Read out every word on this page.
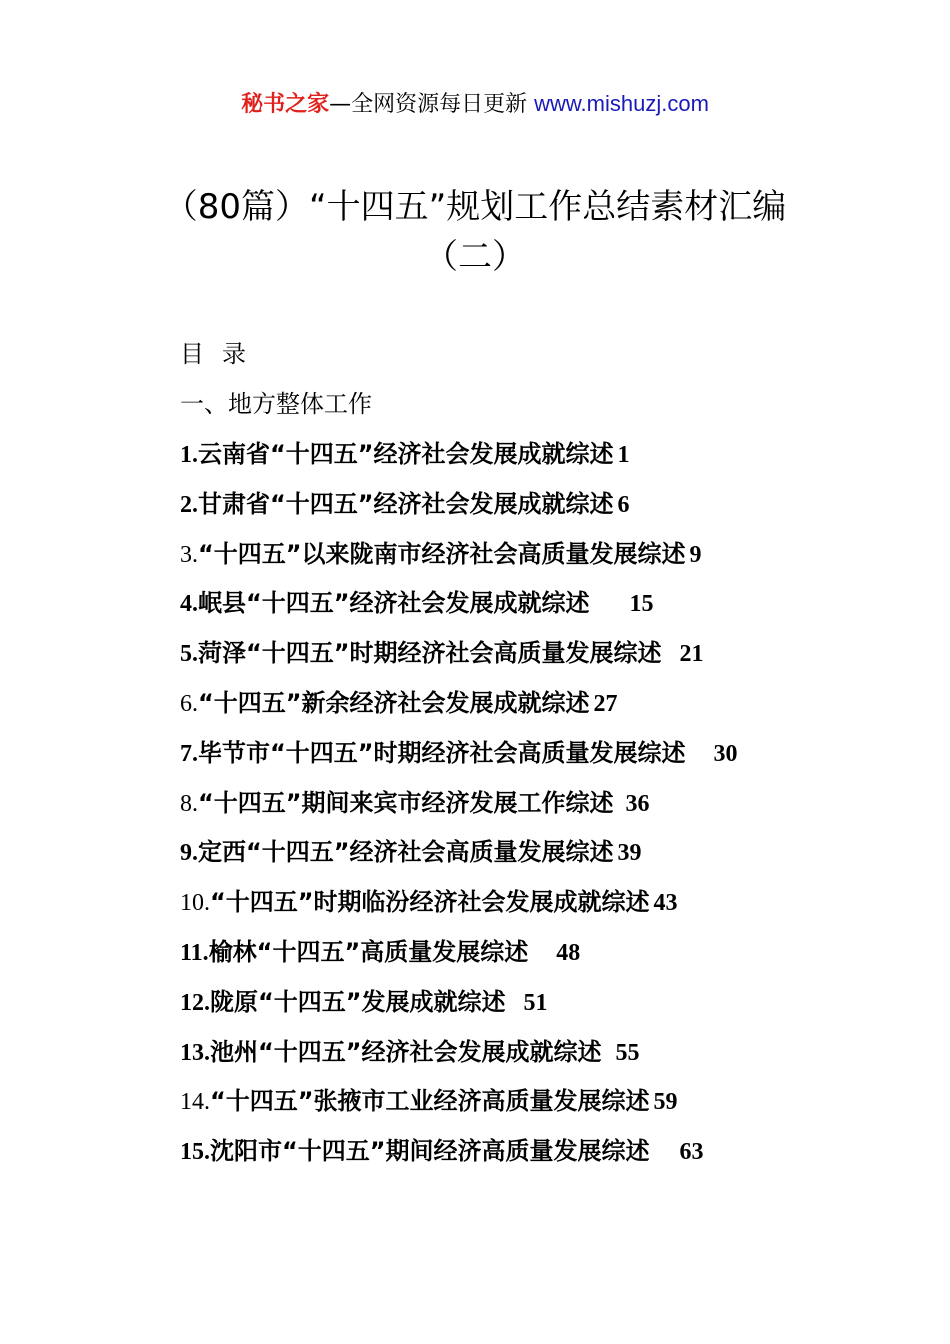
秘书之家—全网资源每日更新 www.mishuzj.com
（80篇）“十四五”规划工作总结素材汇编
（二）
目录
一、地方整体工作
1.云南省“十四五”经济社会发展成就综述 1
2.甘肃省“十四五”经济社会发展成就综述 6
3.“十四五”以来陇南市经济社会高质量发展综述 9
4.岷县“十四五”经济社会发展成就综述 15
5.菏泽“十四五”时期经济社会高质量发展综述 21
6.“十四五”新余经济社会发展成就综述 27
7.毕节市“十四五”时期经济社会高质量发展综述 30
8.“十四五”期间来宾市经济发展工作综述 36
9.定西“十四五”经济社会高质量发展综述 39
10.“十四五”时期临汾经济社会发展成就综述 43
11.榆林“十四五”高质量发展综述 48
12.陇原“十四五”发展成就综述 51
13.池州“十四五”经济社会发展成就综述 55
14.“十四五”张掖市工业经济高质量发展综述 59
15.沈阳市“十四五”期间经济高质量发展综述 63
